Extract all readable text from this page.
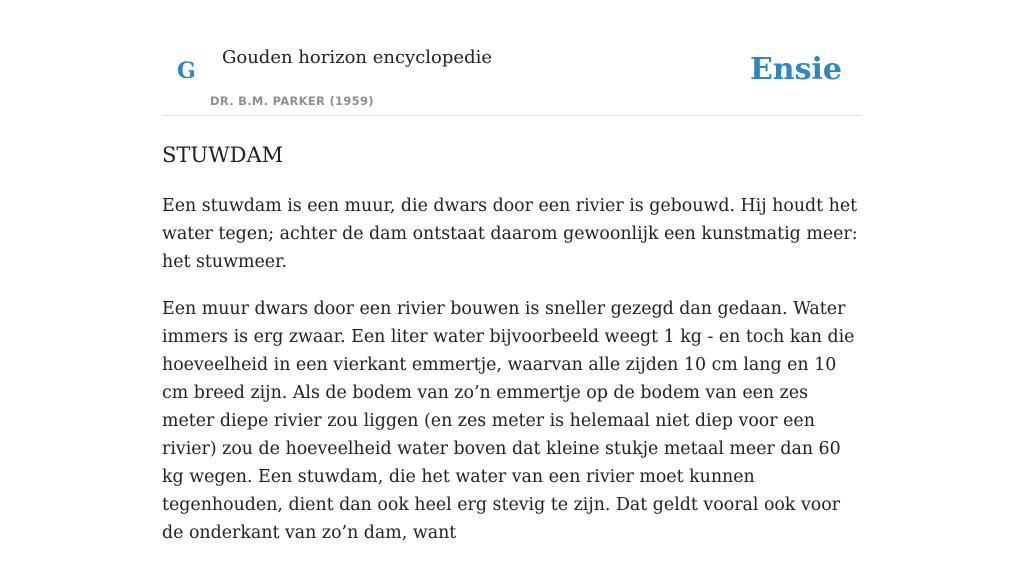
G
Gouden horizon encyclopedie
DR. B.M. PARKER (1959)
Ensie
STUWDAM

Een stuwdam is een muur, die dwars door een rivier is gebouwd. Hij houdt het water tegen; achter de dam ontstaat daarom gewoonlijk een kunstmatig meer: het stuwmeer.

Een muur dwars door een rivier bouwen is sneller gezegd dan gedaan. Water immers is erg zwaar. Een liter water bijvoorbeeld weegt 1 kg - en toch kan die hoeveelheid in een vierkant emmertje, waarvan alle zijden 10 cm lang en 10 cm breed zijn. Als de bodem van zo’n emmertje op de bodem van een zes meter diepe rivier zou liggen (en zes meter is helemaal niet diep voor een rivier) zou de hoeveelheid water boven dat kleine stukje metaal meer dan 60 kg wegen. Een stuwdam, die het water van een rivier moet kunnen tegenhouden, dient dan ook heel erg stevig te zijn. Dat geldt vooral ook voor de onderkant van zo’n dam, want
